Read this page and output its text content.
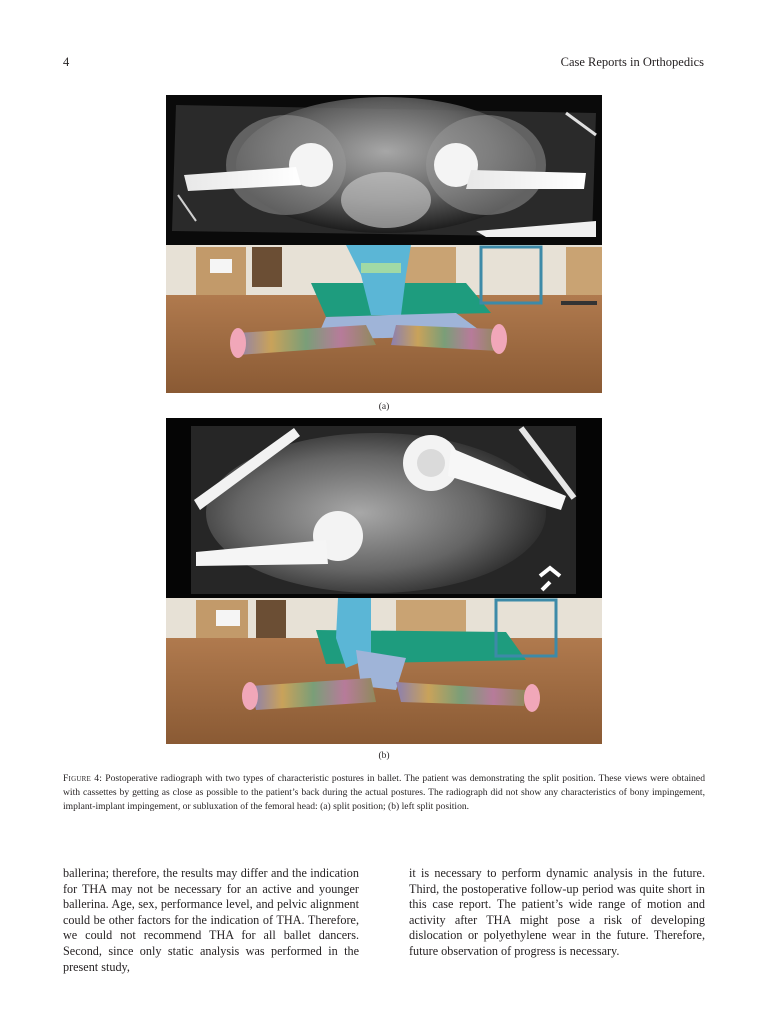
4	Case Reports in Orthopedics
(a)
(b)
Figure 4: Postoperative radiograph with two types of characteristic postures in ballet. The patient was demonstrating the split position. These views were obtained with cassettes by getting as close as possible to the patient’s back during the actual postures. The radiograph did not show any characteristics of bony impingement, implant-implant impingement, or subluxation of the femoral head: (a) split position; (b) left split position.
ballerina; therefore, the results may differ and the indication for THA may not be necessary for an active and younger ballerina. Age, sex, performance level, and pelvic alignment could be other factors for the indication of THA. Therefore, we could not recommend THA for all ballet dancers. Second, since only static analysis was performed in the present study,
it is necessary to perform dynamic analysis in the future. Third, the postoperative follow-up period was quite short in this case report. The patient’s wide range of motion and activity after THA might pose a risk of developing dislocation or polyethylene wear in the future. Therefore, future observation of progress is necessary.
